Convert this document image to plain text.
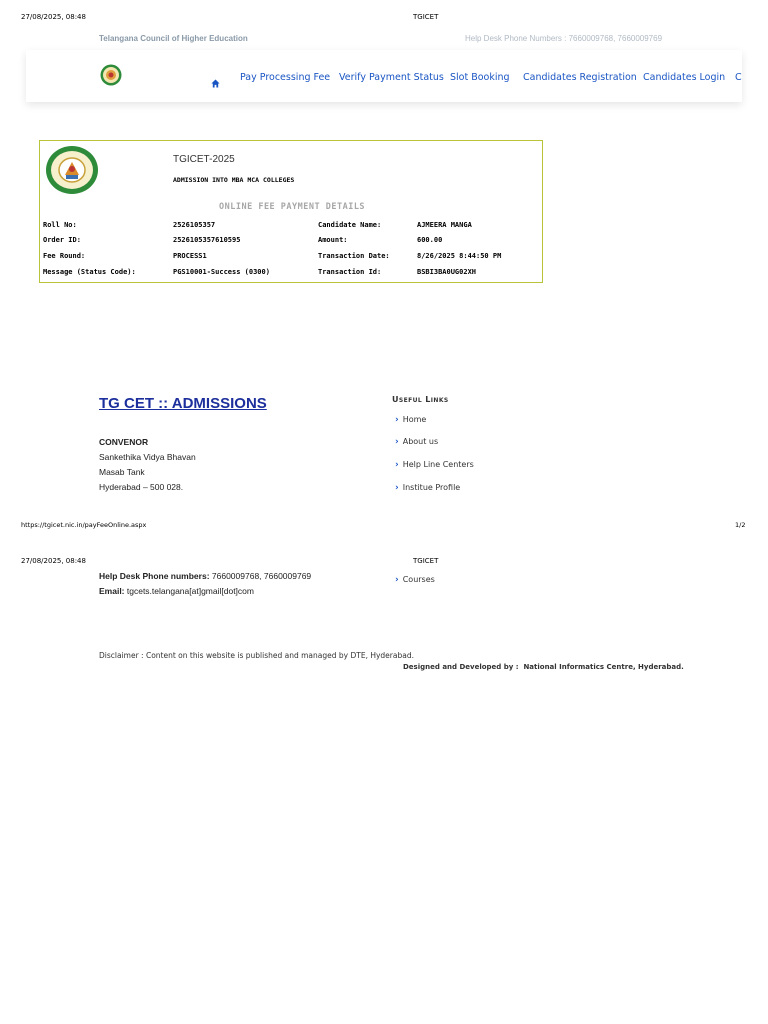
27/08/2025, 08:48	TGICET
Telangana Council of Higher Education	Help Desk Phone Numbers : 7660009768, 7660009769
Pay Processing Fee Verify Payment Status Slot Booking Candidates Registration Candidates Login C
TGICET-2025
ADMISSION INTO MBA MCA COLLEGES
ONLINE FEE PAYMENT DETAILS
Roll No:	2526105357	Candidate Name:	AJMEERA MANGA
Order ID:	2526105357610595	Amount:	600.00
Fee Round:	PROCESS1	Transaction Date:	8/26/2025 8:44:50 PM
Message (Status Code):	PGS10001-Success (0300)	Transaction Id:	BSBI3BA0UG02XH
TG CET :: ADMISSIONS
CONVENOR
Sankethika Vidya Bhavan
Masab Tank
Hyderabad – 500 028.
Useful Links
› Home
› About us
› Help Line Centers
› Institue Profile
https://tgicet.nic.in/payFeeOnline.aspx	1/2
27/08/2025, 08:48	TGICET
Help Desk Phone numbers: 7660009768, 7660009769
Email: tgcets.telangana[at]gmail[dot]com
› Courses
Disclaimer : Content on this website is published and managed by DTE, Hyderabad.
Designed and Developed by : National Informatics Centre, Hyderabad.
